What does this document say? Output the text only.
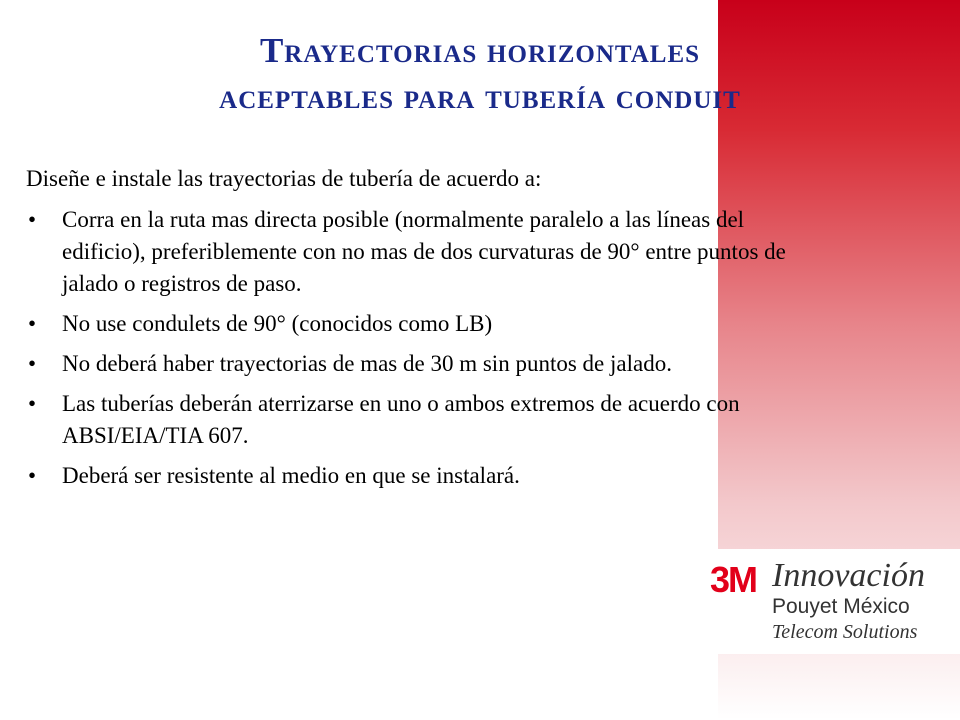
Trayectorias horizontales
aceptables para tubería conduit
Diseñe e instale las trayectorias de tubería de acuerdo a:
• Corra en la ruta mas directa posible (normalmente paralelo a las líneas del edificio), preferiblemente con no mas de dos curvaturas de 90° entre puntos de jalado o registros de paso.
• No use condulets de 90° (conocidos como LB)
• No deberá haber trayectorias de mas de 30 m sin puntos de jalado.
• Las tuberías deberán aterrizarse en uno o ambos extremos de acuerdo con ABSI/EIA/TIA 607.
• Deberá ser resistente al medio en que se instalará.
3M Innovación
Pouyet México
Telecom Solutions
